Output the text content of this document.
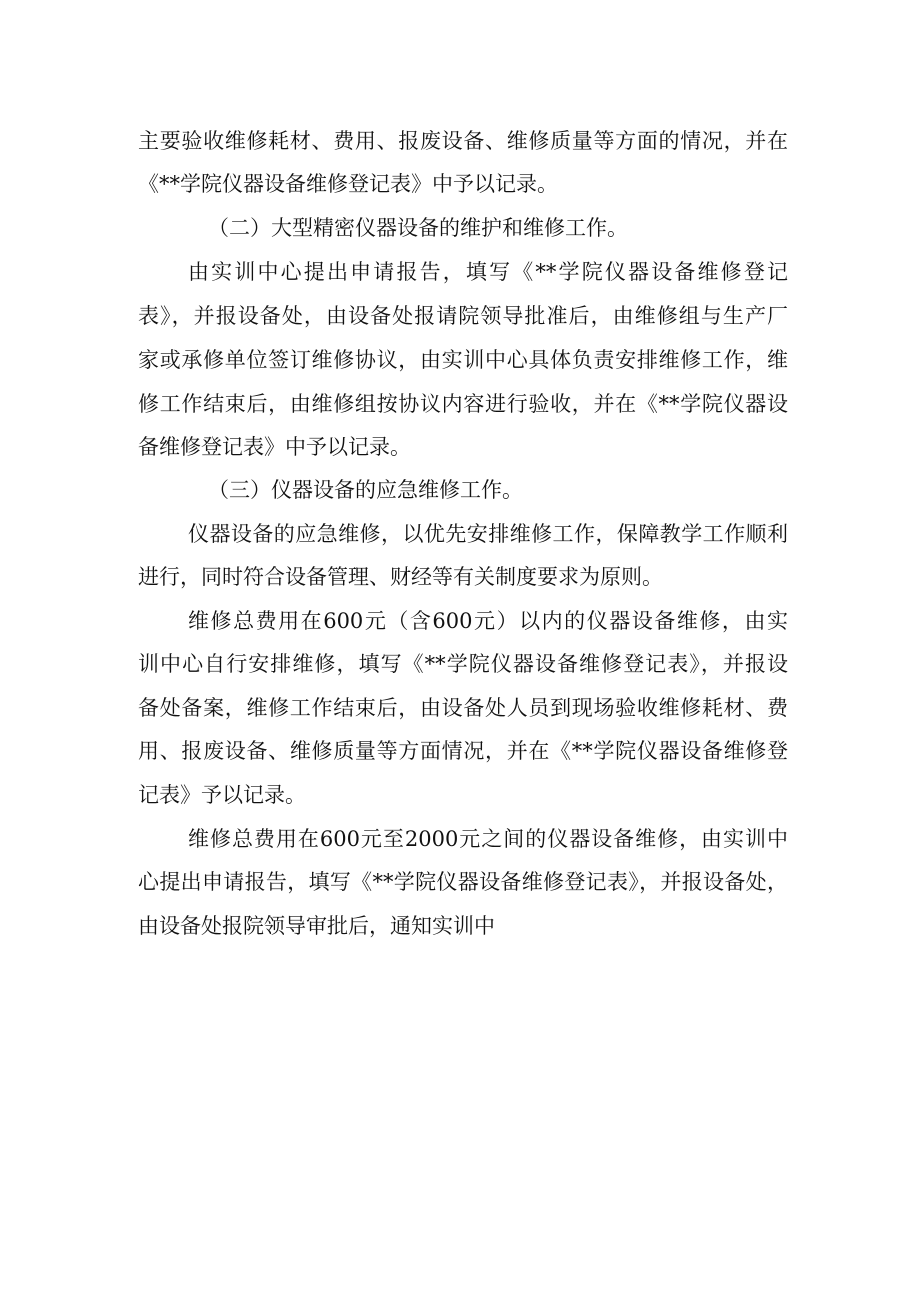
主要验收维修耗材、费用、报废设备、维修质量等方面的情况，并在
《**学院仪器设备维修登记表》中予以记录。
（二）大型精密仪器设备的维护和维修工作。
由实训中心提出申请报告，填写《**学院仪器设备维修登记
表》，并报设备处，由设备处报请院领导批准后，由维修组与生产厂
家或承修单位签订维修协议，由实训中心具体负责安排维修工作，维
修工作结束后，由维修组按协议内容进行验收，并在《**学院仪器设
备维修登记表》中予以记录。
（三）仪器设备的应急维修工作。
仪器设备的应急维修，以优先安排维修工作，保障教学工作顺利
进行，同时符合设备管理、财经等有关制度要求为原则。
维修总费用在600元（含600元）以内的仪器设备维修，由实
训中心自行安排维修，填写《**学院仪器设备维修登记表》，并报设
备处备案，维修工作结束后，由设备处人员到现场验收维修耗材、费
用、报废设备、维修质量等方面情况，并在《**学院仪器设备维修登
记表》予以记录。
维修总费用在600元至2000元之间的仪器设备维修，由实训中
心提出申请报告，填写《**学院仪器设备维修登记表》，并报设备处，
由设备处报院领导审批后，通知实训中
